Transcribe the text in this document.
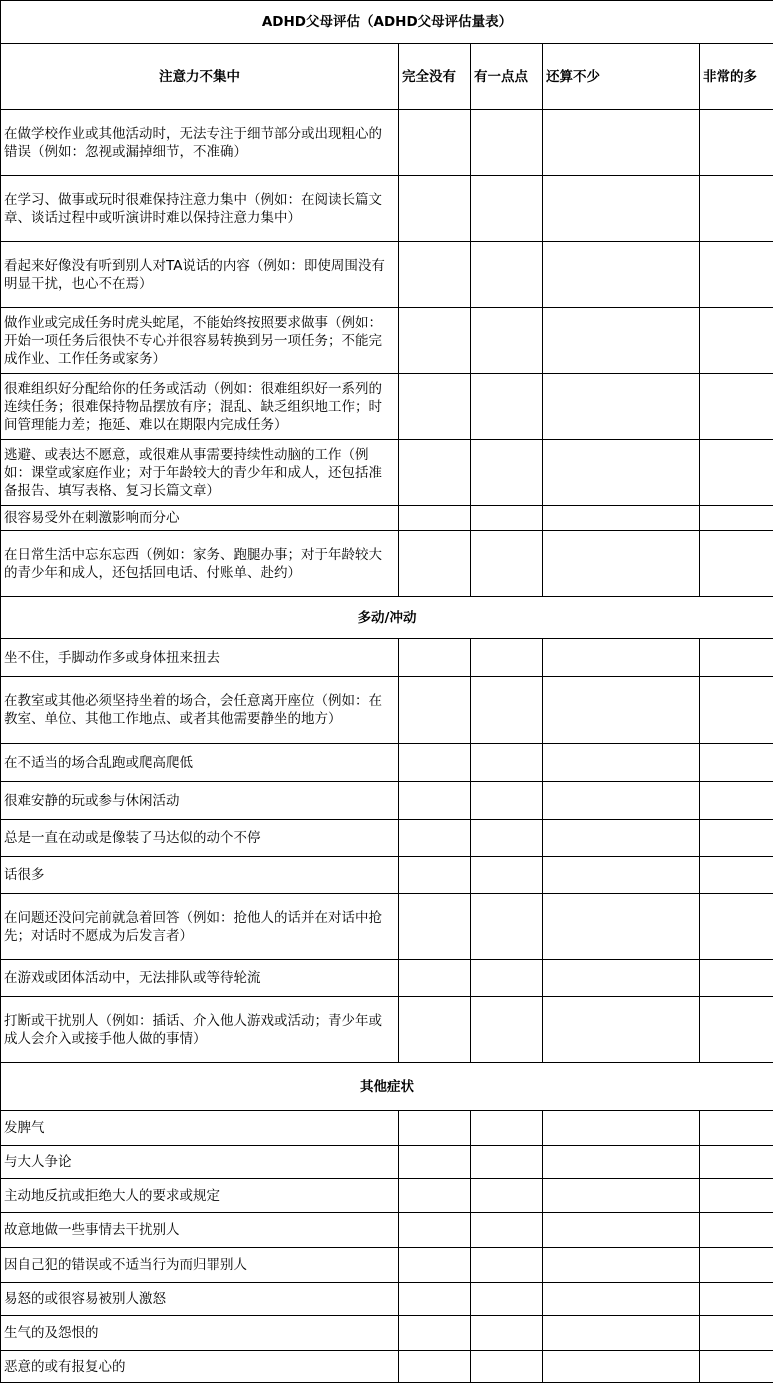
ADHD父母评估（ADHD父母评估量表）				
注意力不集中	完全没有	有一点点	还算不少	非常的多
在做学校作业或其他活动时，无法专注于细节部分或出现粗心的错误（例如：忽视或漏掉细节，不准确）				
在学习、做事或玩时很难保持注意力集中（例如：在阅读长篇文章、谈话过程中或听演讲时难以保持注意力集中）				
看起来好像没有听到别人对TA说话的内容（例如：即使周围没有明显干扰，也心不在焉）				
做作业或完成任务时虎头蛇尾，不能始终按照要求做事（例如：开始一项任务后很快不专心并很容易转换到另一项任务；不能完成作业、工作任务或家务）				
很难组织好分配给你的任务或活动（例如：很难组织好一系列的连续任务；很难保持物品摆放有序；混乱、缺乏组织地工作；时间管理能力差；拖延、难以在期限内完成任务）				
逃避、或表达不愿意，或很难从事需要持续性动脑的工作（例如：课堂或家庭作业；对于年龄较大的青少年和成人，还包括准备报告、填写表格、复习长篇文章）				
很容易受外在刺激影响而分心				
在日常生活中忘东忘西（例如：家务、跑腿办事；对于年龄较大的青少年和成人，还包括回电话、付账单、赴约）				
多动/冲动				
坐不住，手脚动作多或身体扭来扭去				
在教室或其他必须坚持坐着的场合，会任意离开座位（例如：在教室、单位、其他工作地点、或者其他需要静坐的地方）				
在不适当的场合乱跑或爬高爬低				
很难安静的玩或参与休闲活动				
总是一直在动或是像装了马达似的动个不停				
话很多				
在问题还没问完前就急着回答（例如：抢他人的话并在对话中抢先；对话时不愿成为后发言者）				
在游戏或团体活动中，无法排队或等待轮流				
打断或干扰别人（例如：插话、介入他人游戏或活动；青少年或成人会介入或接手他人做的事情）				
其他症状				
发脾气				
与大人争论				
主动地反抗或拒绝大人的要求或规定				
故意地做一些事情去干扰别人				
因自己犯的错误或不适当行为而归罪别人				
易怒的或很容易被别人激怒				
生气的及怨恨的				
恶意的或有报复心的				
